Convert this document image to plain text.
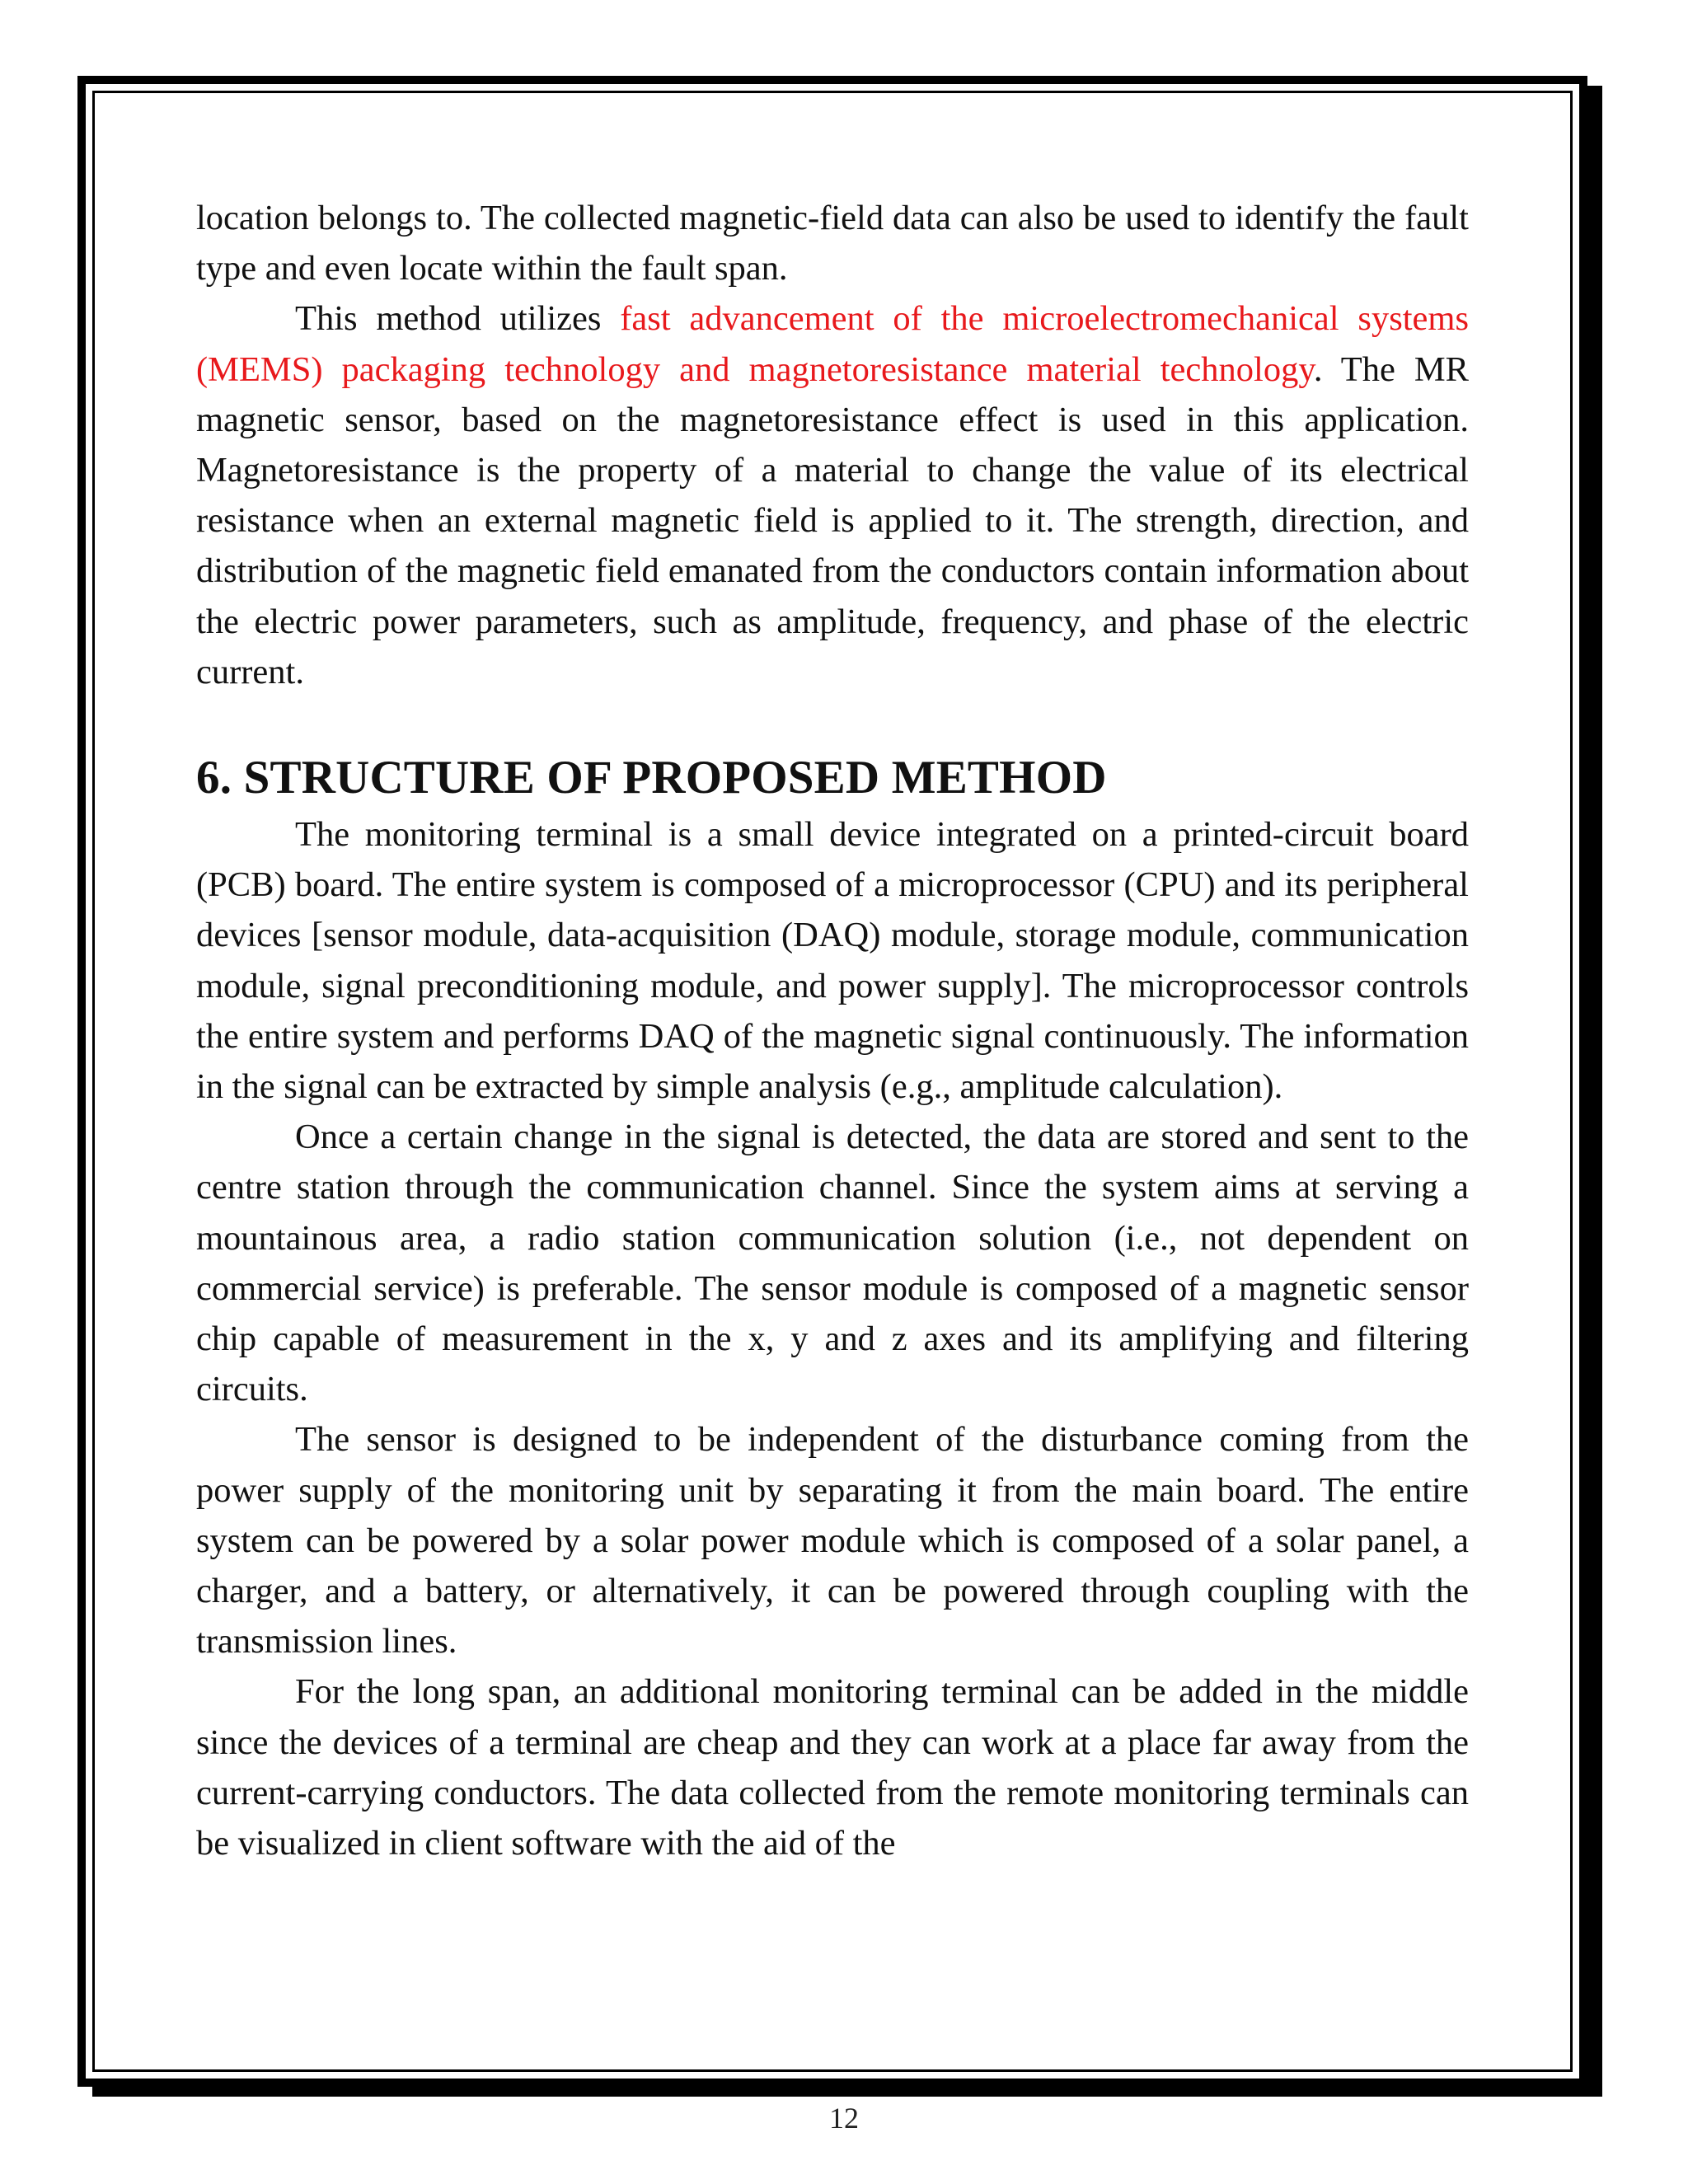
location belongs to. The collected magnetic-field data can also be used to identify the fault type and even locate within the fault span.

This method utilizes fast advancement of the microelectromechanical systems (MEMS) packaging technology and magnetoresistance material technology. The MR magnetic sensor, based on the magnetoresistance effect is used in this application. Magnetoresistance is the property of a material to change the value of its electrical resistance when an external magnetic field is applied to it. The strength, direction, and distribution of the magnetic field emanated from the conductors contain information about the electric power parameters, such as amplitude, frequency, and phase of the electric current.

6. STRUCTURE OF PROPOSED METHOD

The monitoring terminal is a small device integrated on a printed-circuit board (PCB) board. The entire system is composed of a microprocessor (CPU) and its peripheral devices [sensor module, data-acquisition (DAQ) module, storage module, communication module, signal preconditioning module, and power supply]. The microprocessor controls the entire system and performs DAQ of the magnetic signal continuously. The information in the signal can be extracted by simple analysis (e.g., amplitude calculation).

Once a certain change in the signal is detected, the data are stored and sent to the centre station through the communication channel. Since the system aims at serving a mountainous area, a radio station communication solution (i.e., not dependent on commercial service) is preferable. The sensor module is composed of a magnetic sensor chip capable of measurement in the x, y and z axes and its amplifying and filtering circuits.

The sensor is designed to be independent of the disturbance coming from the power supply of the monitoring unit by separating it from the main board. The entire system can be powered by a solar power module which is composed of a solar panel, a charger, and a battery, or alternatively, it can be powered through coupling with the transmission lines.

For the long span, an additional monitoring terminal can be added in the middle since the devices of a terminal are cheap and they can work at a place far away from the current-carrying conductors. The data collected from the remote monitoring terminals can be visualized in client software with the aid of the

12
